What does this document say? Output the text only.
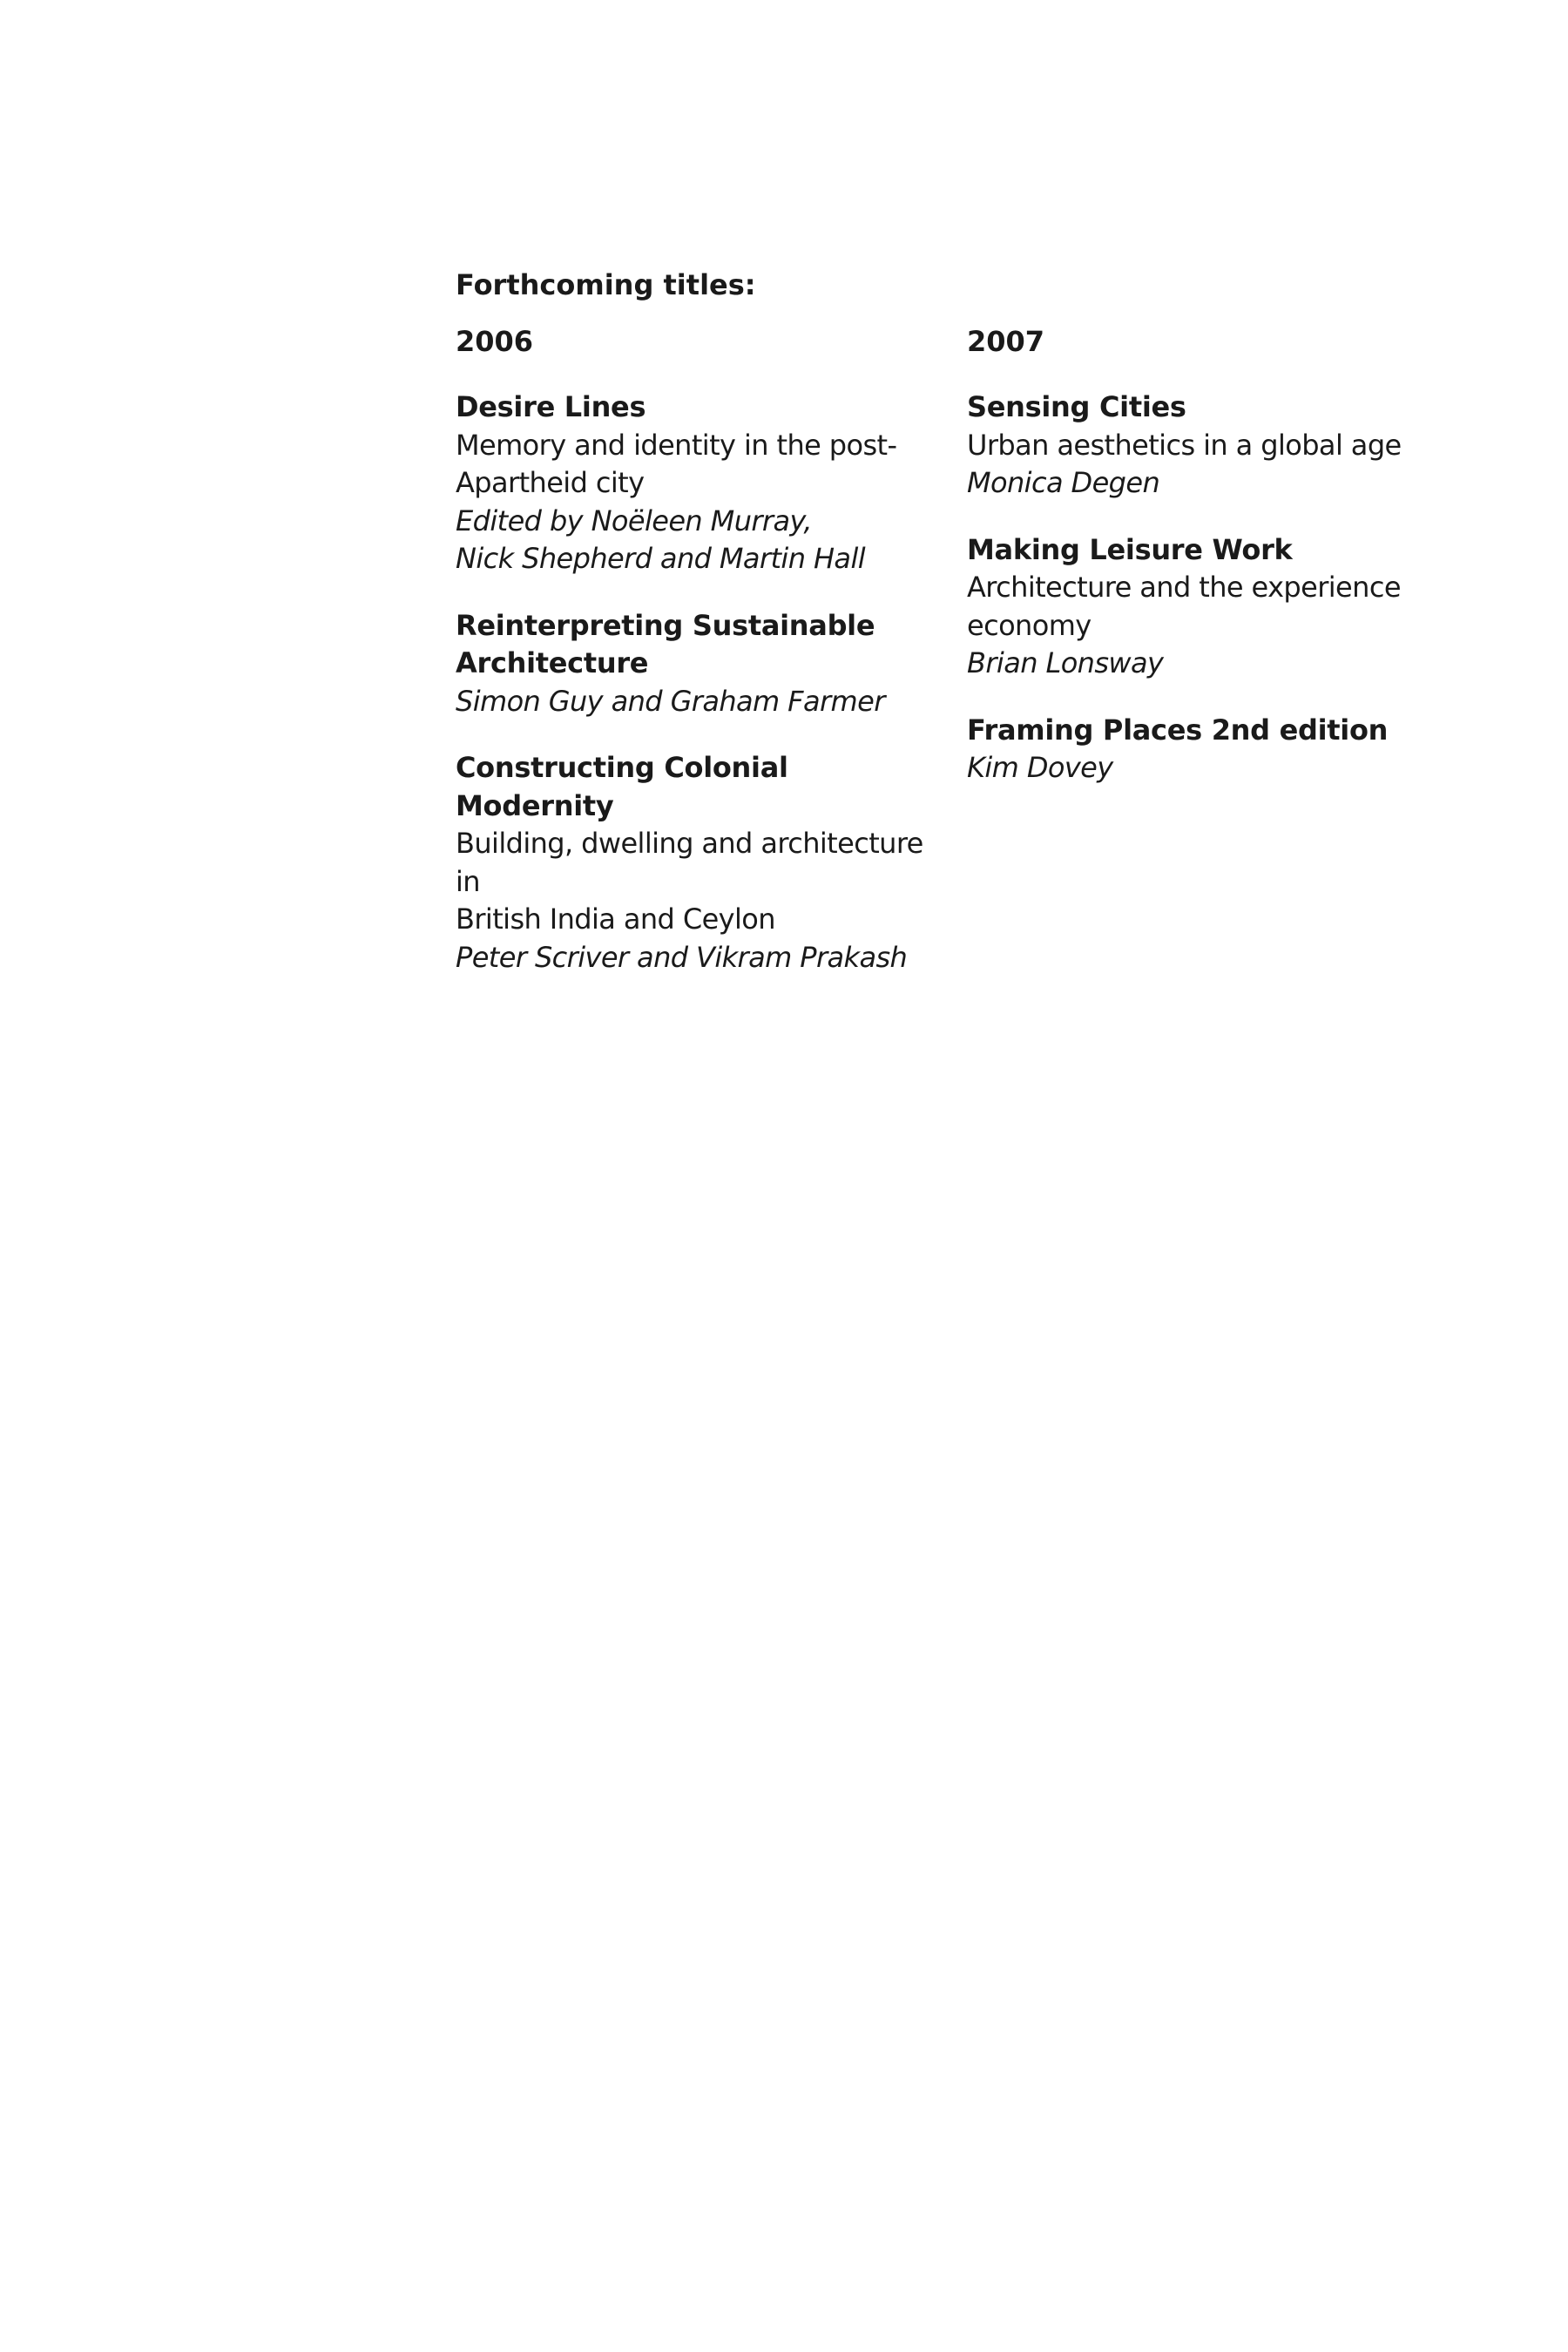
Forthcoming titles:
2006
Desire Lines
Memory and identity in the post-
Apartheid city
Edited by Noëleen Murray,
Nick Shepherd and Martin Hall
Reinterpreting Sustainable
Architecture
Simon Guy and Graham Farmer
Constructing Colonial Modernity
Building, dwelling and architecture in
British India and Ceylon
Peter Scriver and Vikram Prakash
2007
Sensing Cities
Urban aesthetics in a global age
Monica Degen
Making Leisure Work
Architecture and the experience
economy
Brian Lonsway
Framing Places 2nd edition
Kim Dovey
